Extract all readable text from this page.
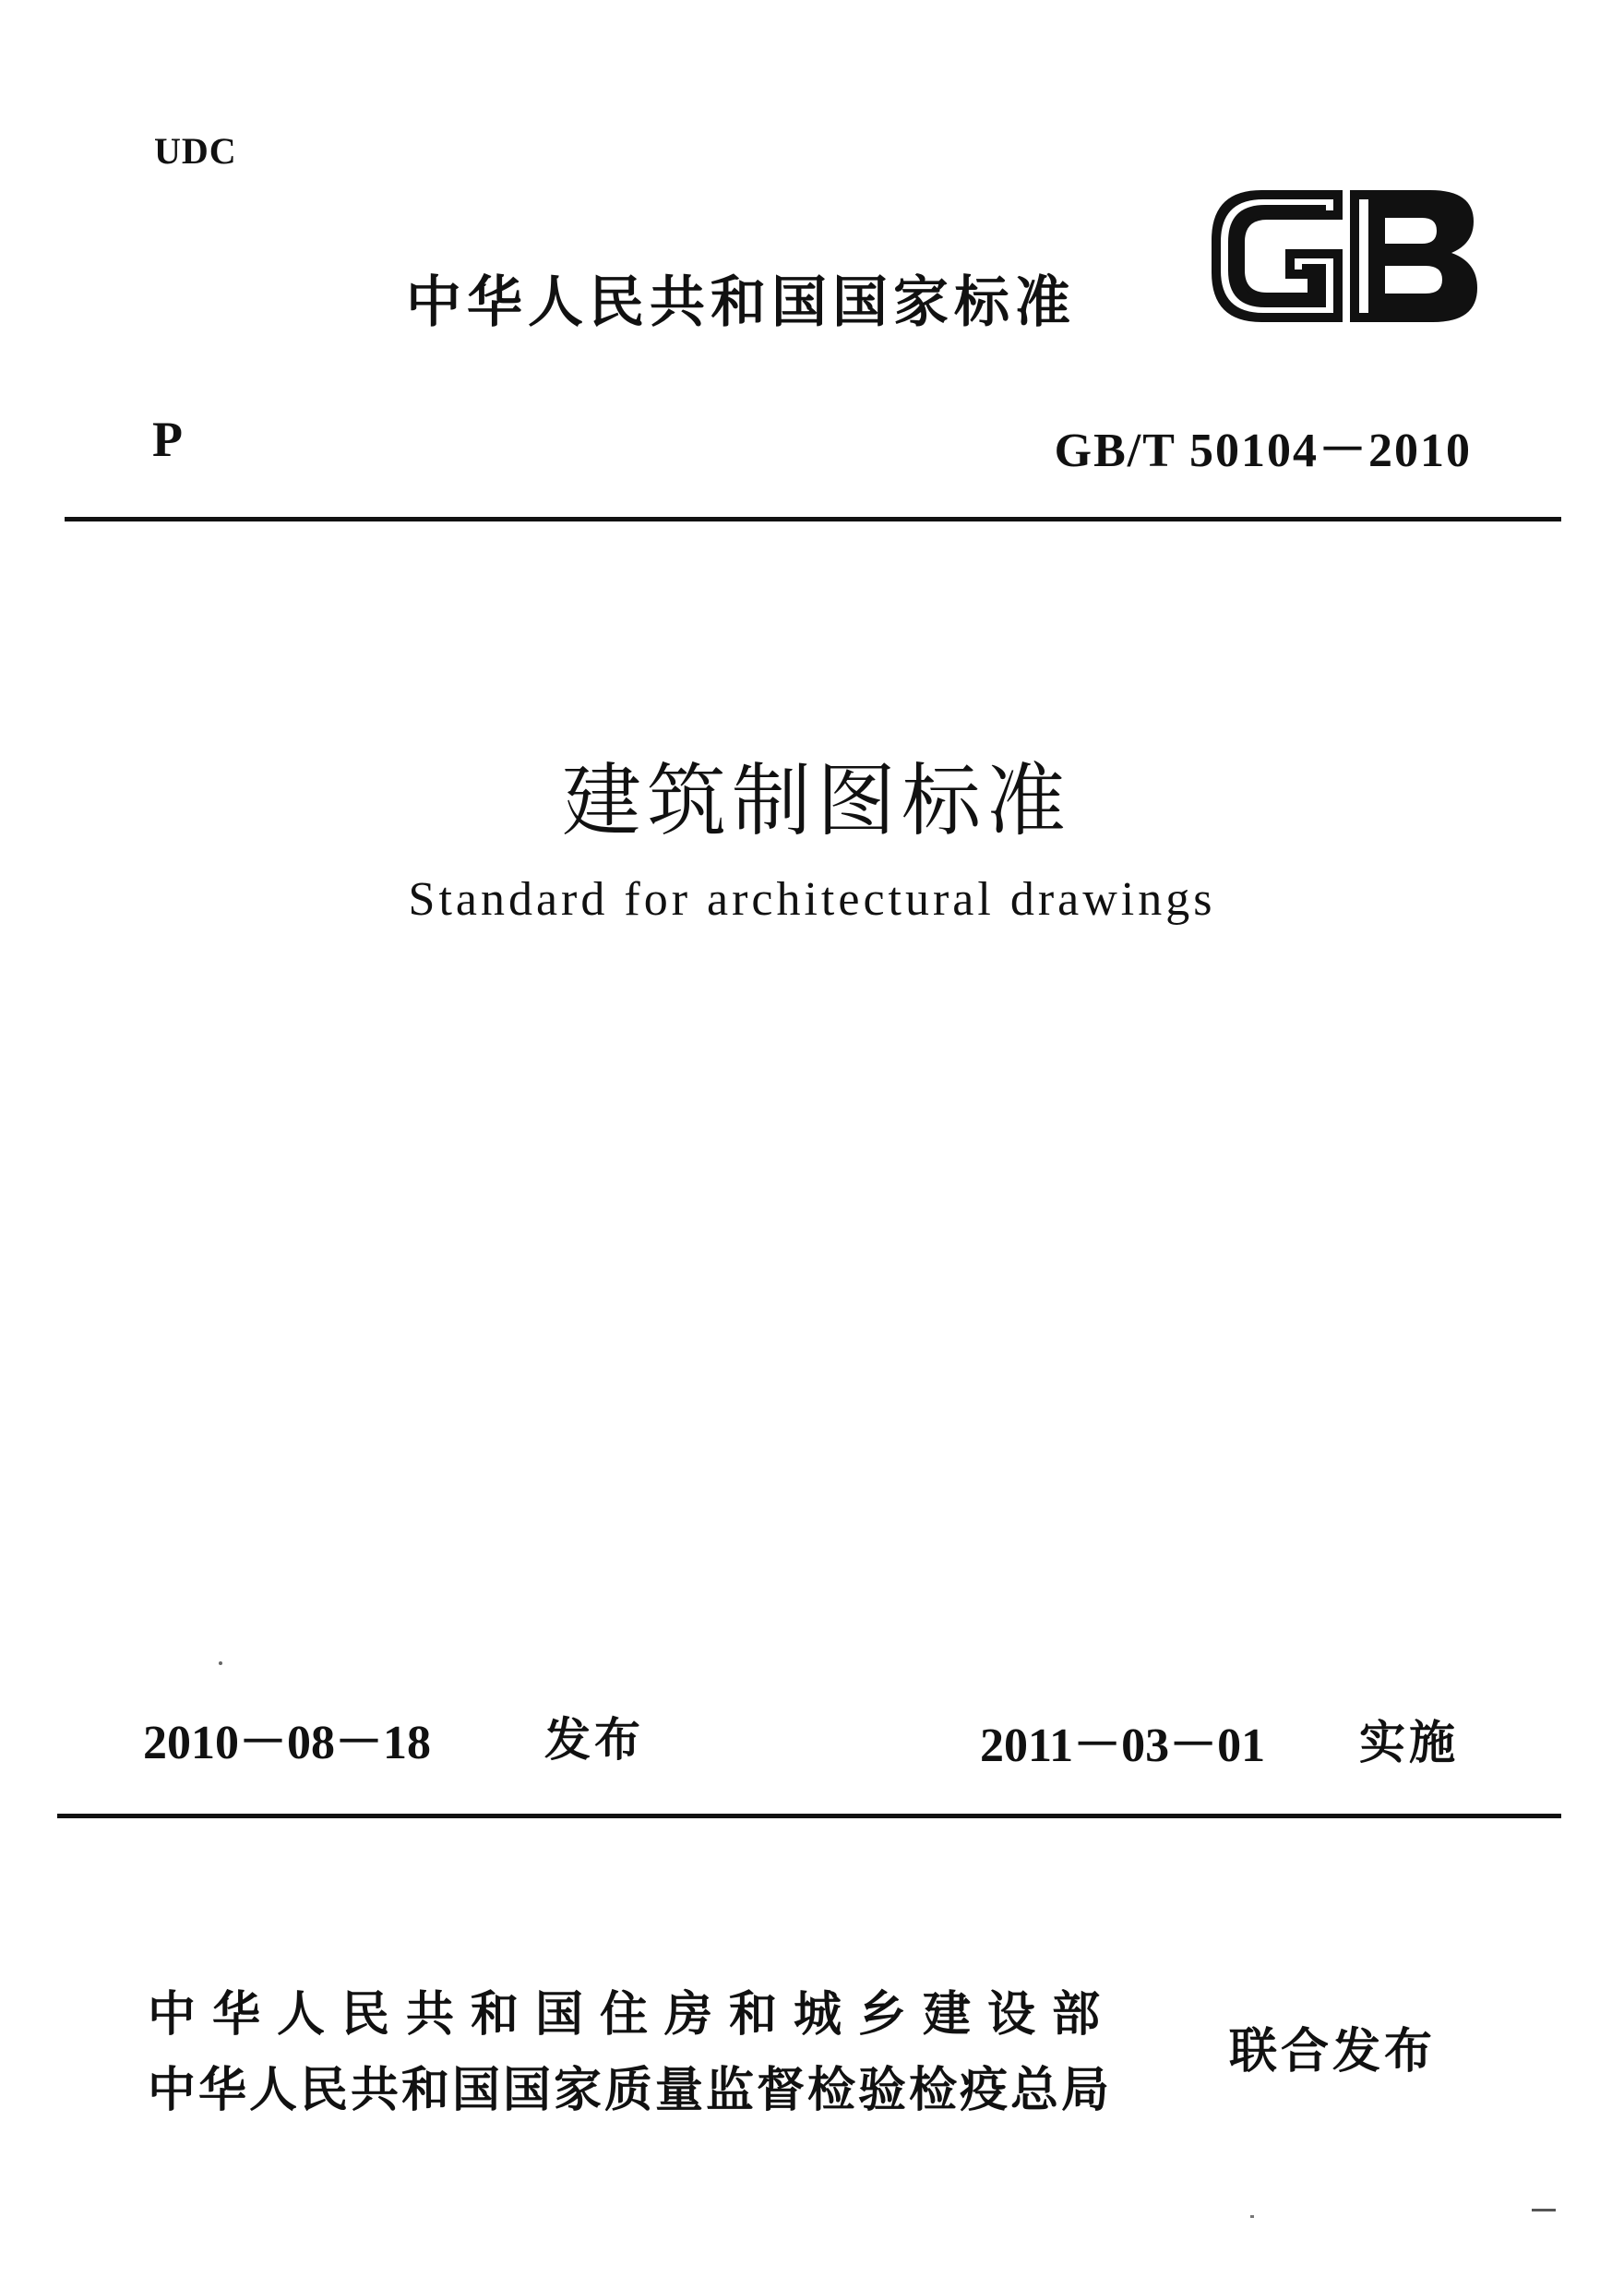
UDC
中华人民共和国国家标准
P	GB/T 50104－2010
建筑制图标准
Standard for architectural drawings
2010－08－18 发布	2011－03－01 实施
中华人民共和国住房和城乡建设部
中华人民共和国国家质量监督检验检疫总局
联合发布
